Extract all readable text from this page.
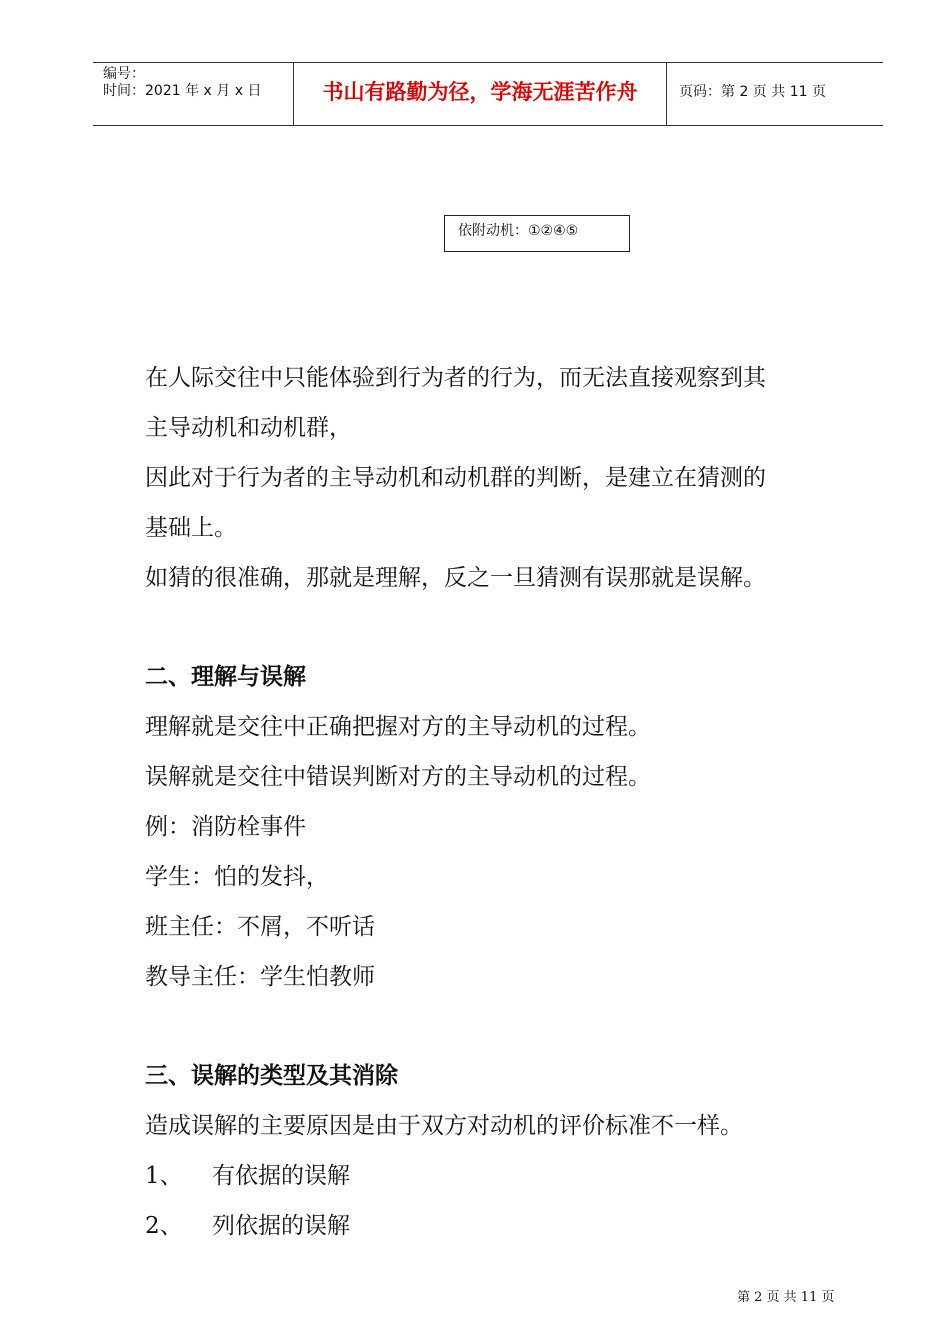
编号：
时间：2021 年 x 月 x 日	书山有路勤为径，学海无涯苦作舟	页码：第 2 页 共 11 页
依附动机：①②④⑤
在人际交往中只能体验到行为者的行为，而无法直接观察到其
主导动机和动机群，
因此对于行为者的主导动机和动机群的判断，是建立在猜测的
基础上。
如猜的很准确，那就是理解，反之一旦猜测有误那就是误解。
二、理解与误解
理解就是交往中正确把握对方的主导动机的过程。
误解就是交往中错误判断对方的主导动机的过程。
例：消防栓事件
学生：怕的发抖，
班主任：不屑，不听话
教导主任：学生怕教师
三、误解的类型及其消除
造成误解的主要原因是由于双方对动机的评价标准不一样。
1、 有依据的误解
2、 列依据的误解
第 2 页 共 11 页
